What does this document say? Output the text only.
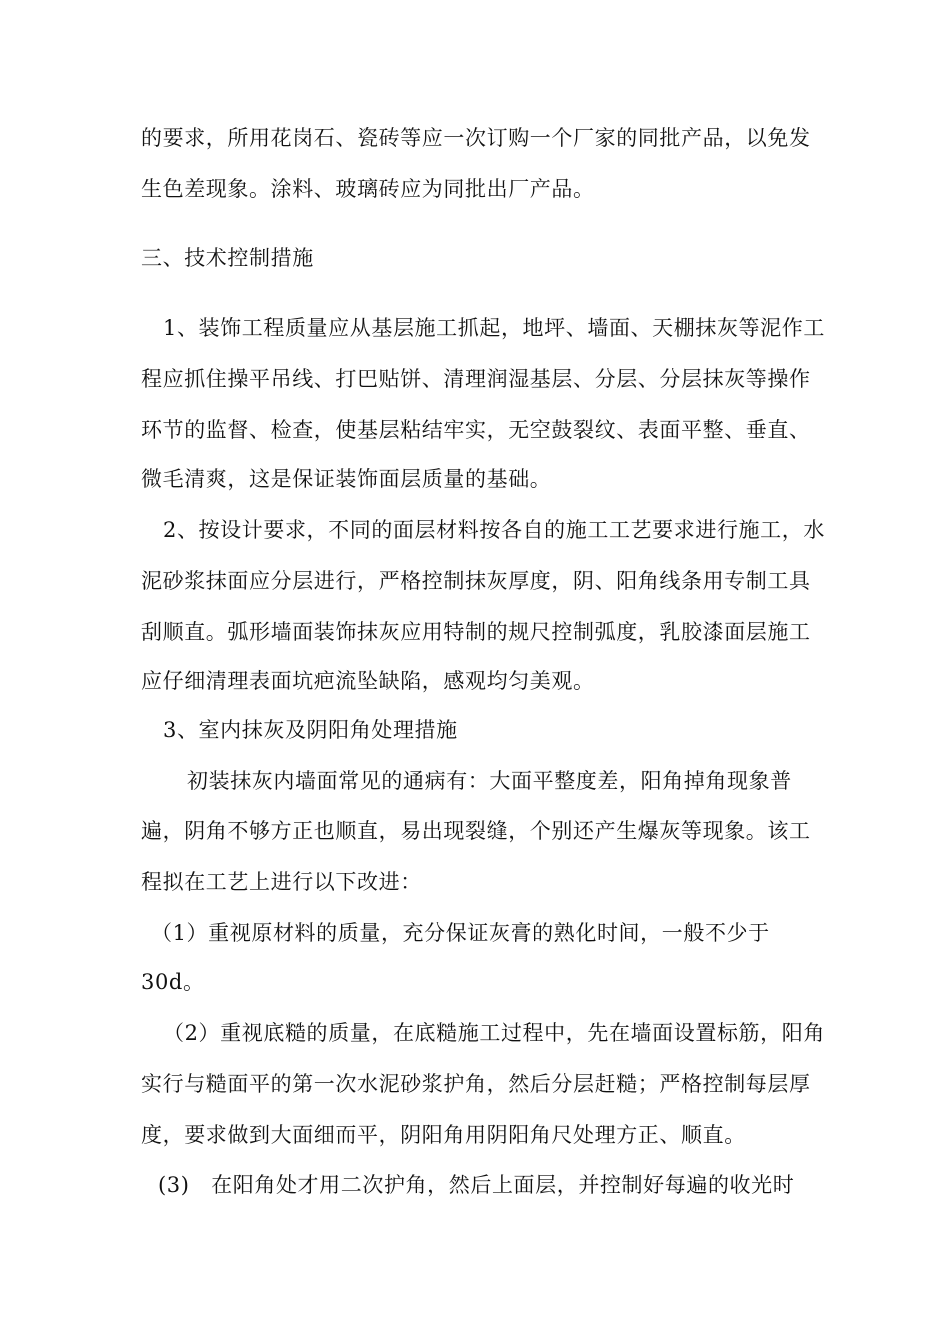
的要求，所用花岗石、瓷砖等应一次订购一个厂家的同批产品，以免发
生色差现象。涂料、玻璃砖应为同批出厂产品。
三、技术控制措施
1、装饰工程质量应从基层施工抓起，地坪、墙面、天棚抹灰等泥作工
程应抓住操平吊线、打巴贴饼、清理润湿基层、分层、分层抹灰等操作
环节的监督、检查，使基层粘结牢实，无空鼓裂纹、表面平整、垂直、
微毛清爽，这是保证装饰面层质量的基础。
2、按设计要求，不同的面层材料按各自的施工工艺要求进行施工，水
泥砂浆抹面应分层进行，严格控制抹灰厚度，阴、阳角线条用专制工具
刮顺直。弧形墙面装饰抹灰应用特制的规尺控制弧度，乳胶漆面层施工
应仔细清理表面坑疤流坠缺陷，感观均匀美观。
3、室内抹灰及阴阳角处理措施
初装抹灰内墙面常见的通病有：大面平整度差，阳角掉角现象普
遍，阴角不够方正也顺直，易出现裂缝，个别还产生爆灰等现象。该工
程拟在工艺上进行以下改进：
（1）重视原材料的质量，充分保证灰膏的熟化时间，一般不少于
30d。
（2）重视底糙的质量，在底糙施工过程中，先在墙面设置标筋，阳角
实行与糙面平的第一次水泥砂浆护角，然后分层赶糙；严格控制每层厚
度，要求做到大面细而平，阴阳角用阴阳角尺处理方正、顺直。
(3)　在阳角处才用二次护角，然后上面层，并控制好每遍的收光时
